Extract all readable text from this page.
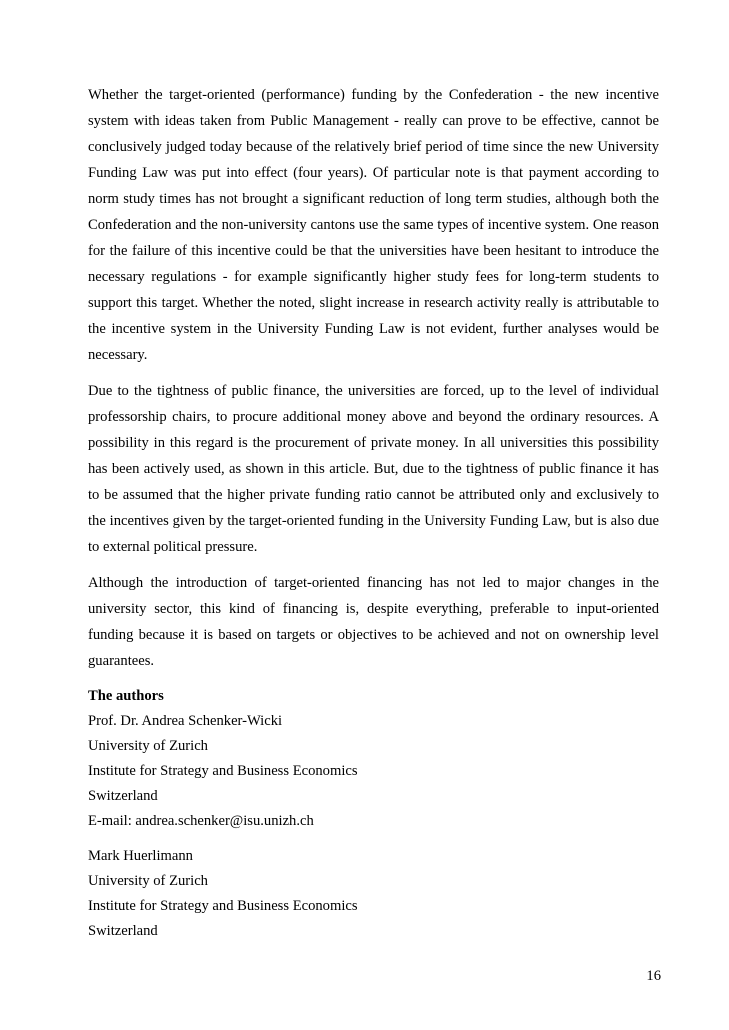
Whether the target-oriented (performance) funding by the Confederation - the new incentive system with ideas taken from Public Management - really can prove to be effective, cannot be conclusively judged today because of the relatively brief period of time since the new University Funding Law was put into effect (four years). Of particular note is that payment according to norm study times has not brought a significant reduction of long term studies, although both the Confederation and the non-university cantons use the same types of incentive system. One reason for the failure of this incentive could be that the universities have been hesitant to introduce the necessary regulations - for example significantly higher study fees for long-term students to support this target. Whether the noted, slight increase in research activity really is attributable to the incentive system in the University Funding Law is not evident, further analyses would be necessary.

Due to the tightness of public finance, the universities are forced, up to the level of individual professorship chairs, to procure additional money above and beyond the ordinary resources. A possibility in this regard is the procurement of private money. In all universities this possibility has been actively used, as shown in this article. But, due to the tightness of public finance it has to be assumed that the higher private funding ratio cannot be attributed only and exclusively to the incentives given by the target-oriented funding in the University Funding Law, but is also due to external political pressure.

Although the introduction of target-oriented financing has not led to major changes in the university sector, this kind of financing is, despite everything, preferable to input-oriented funding because it is based on targets or objectives to be achieved and not on ownership level guarantees.

The authors
Prof. Dr. Andrea Schenker-Wicki
University of Zurich
Institute for Strategy and Business Economics
Switzerland
E-mail: andrea.schenker@isu.unizh.ch
Mark Huerlimann
University of Zurich
Institute for Strategy and Business Economics
Switzerland
16
